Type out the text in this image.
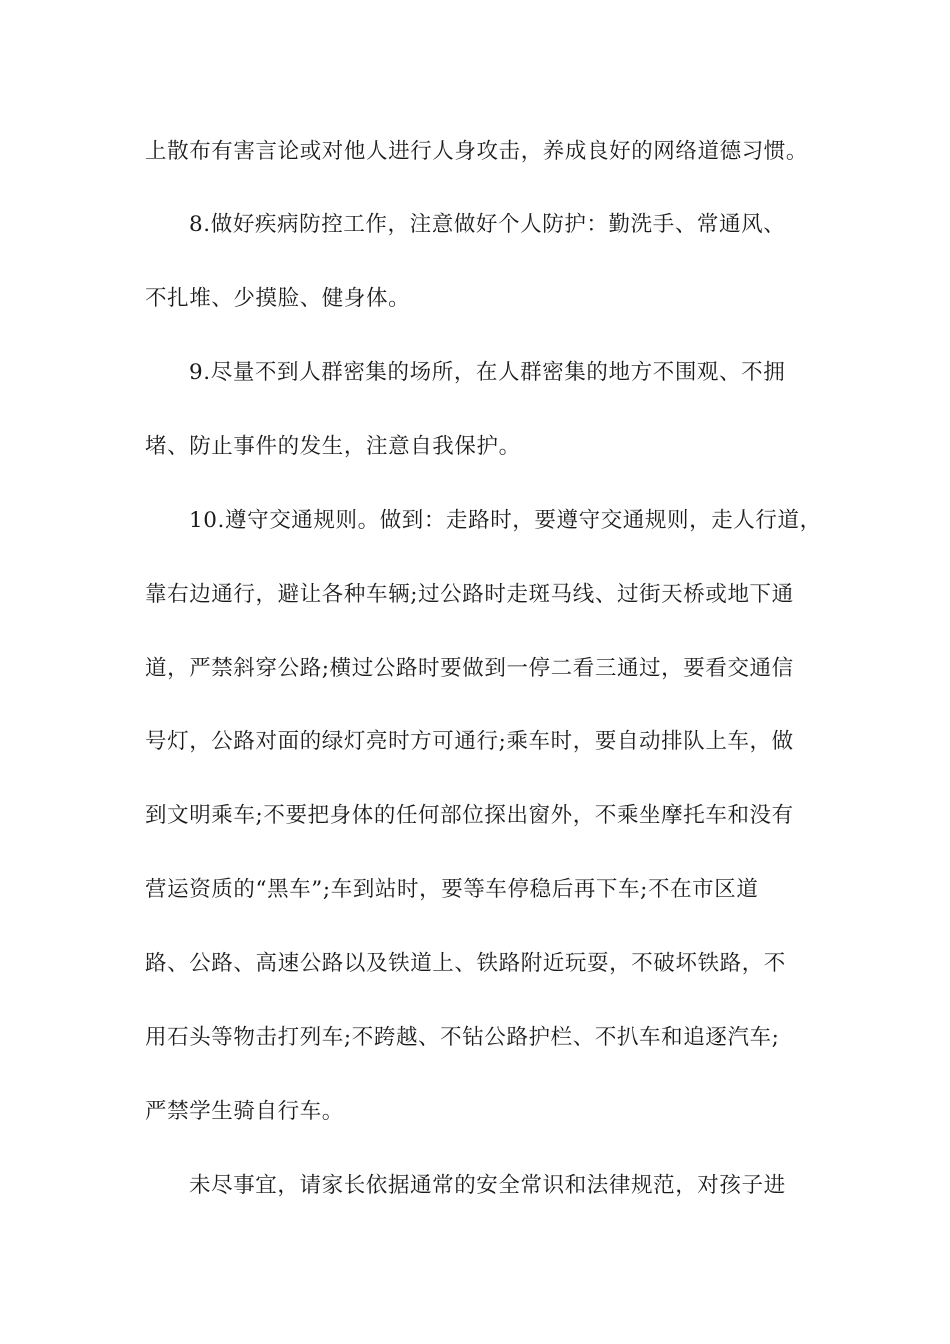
上散布有害言论或对他人进行人身攻击，养成良好的网络道德习惯。
8.做好疾病防控工作，注意做好个人防护：勤洗手、常通风、
不扎堆、少摸脸、健身体。
9.尽量不到人群密集的场所，在人群密集的地方不围观、不拥
堵、防止事件的发生，注意自我保护。
10.遵守交通规则。做到：走路时，要遵守交通规则，走人行道，
靠右边通行，避让各种车辆;过公路时走斑马线、过街天桥或地下通
道，严禁斜穿公路;横过公路时要做到一停二看三通过，要看交通信
号灯，公路对面的绿灯亮时方可通行;乘车时，要自动排队上车，做
到文明乘车;不要把身体的任何部位探出窗外，不乘坐摩托车和没有
营运资质的“黑车”;车到站时，要等车停稳后再下车;不在市区道
路、公路、高速公路以及铁道上、铁路附近玩耍，不破坏铁路，不
用石头等物击打列车;不跨越、不钻公路护栏、不扒车和追逐汽车;
严禁学生骑自行车。
未尽事宜，请家长依据通常的安全常识和法律规范，对孩子进
